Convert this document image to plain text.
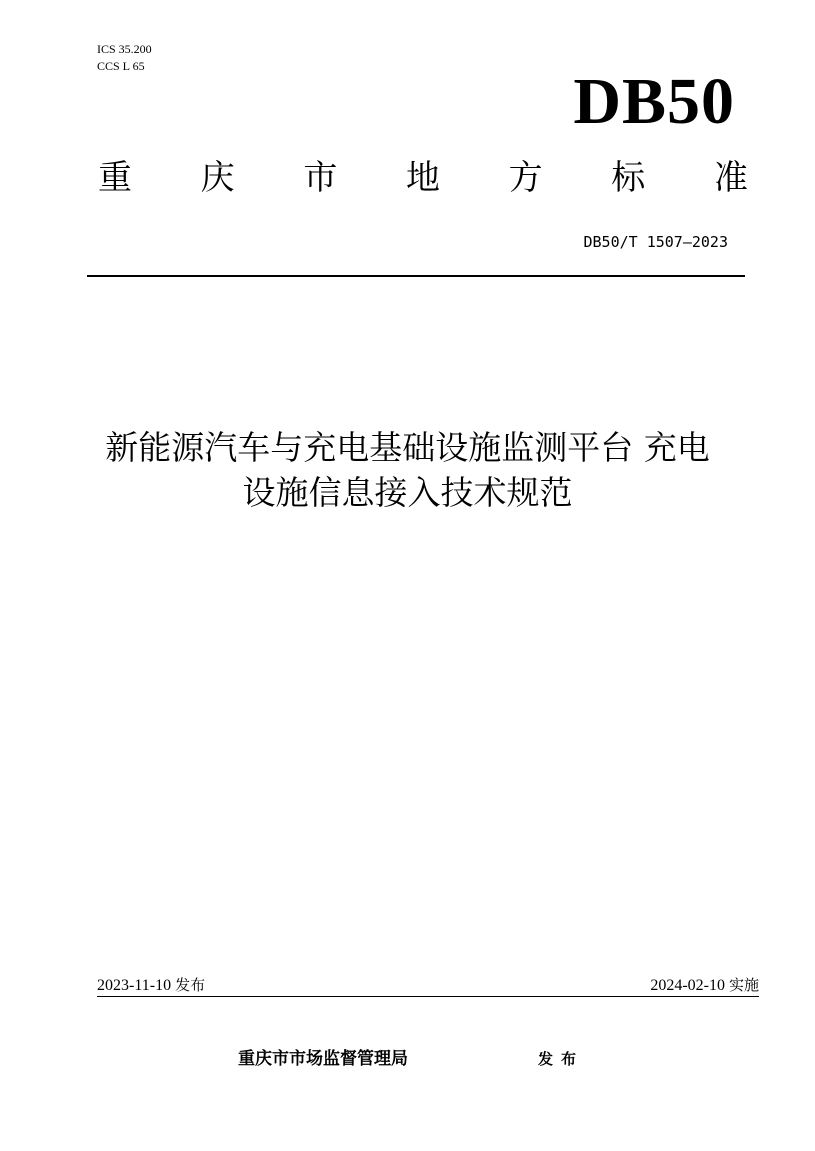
ICS 35.200
CCS L 65	DB50
重 庆 市 地 方 标 准
DB50/T 1507—2023
新能源汽车与充电基础设施监测平台 充电
设施信息接入技术规范
2023-11-10 发布	2024-02-10 实施
重庆市市场监督管理局	发布
